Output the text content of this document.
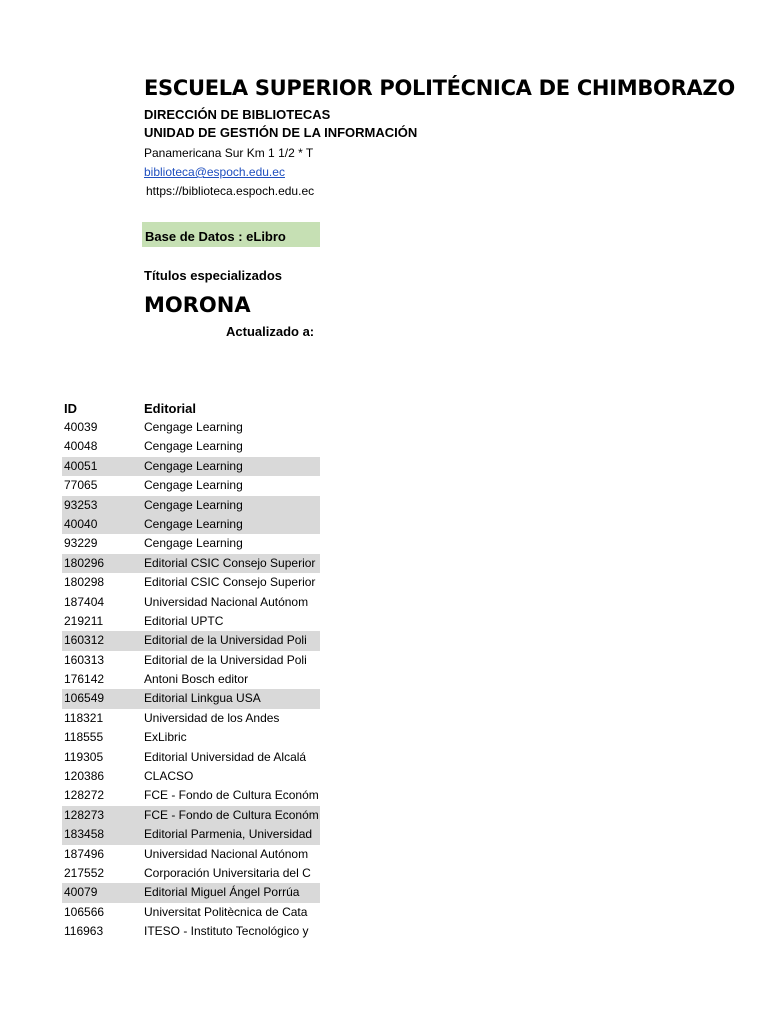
ESCUELA SUPERIOR POLITÉCNICA DE CHIMBORAZO
DIRECCIÓN DE BIBLIOTECAS
UNIDAD DE GESTIÓN DE LA INFORMACIÓN
Panamericana Sur Km 1 1/2 * T
biblioteca@espoch.edu.ec
https://biblioteca.espoch.edu.ec
Base de Datos : eLibro
Títulos especializados
MORONA
Actualizado a:
ID	Editorial
40039	Cengage Learning
40048	Cengage Learning
40051	Cengage Learning
77065	Cengage Learning
93253	Cengage Learning
40040	Cengage Learning
93229	Cengage Learning
180296	Editorial CSIC Consejo Superior
180298	Editorial CSIC Consejo Superior
187404	Universidad Nacional Autónom
219211	Editorial UPTC
160312	Editorial de la Universidad Poli
160313	Editorial de la Universidad Poli
176142	Antoni Bosch editor
106549	Editorial Linkgua USA
118321	Universidad de los Andes
118555	ExLibric
119305	Editorial Universidad de Alcalá
120386	CLACSO
128272	FCE - Fondo de Cultura Económ
128273	FCE - Fondo de Cultura Económ
183458	Editorial Parmenia, Universidad
187496	Universidad Nacional Autónom
217552	Corporación Universitaria del C
40079	Editorial Miguel Ángel Porrúa
106566	Universitat Politècnica de Cata
116963	ITESO - Instituto Tecnológico y
